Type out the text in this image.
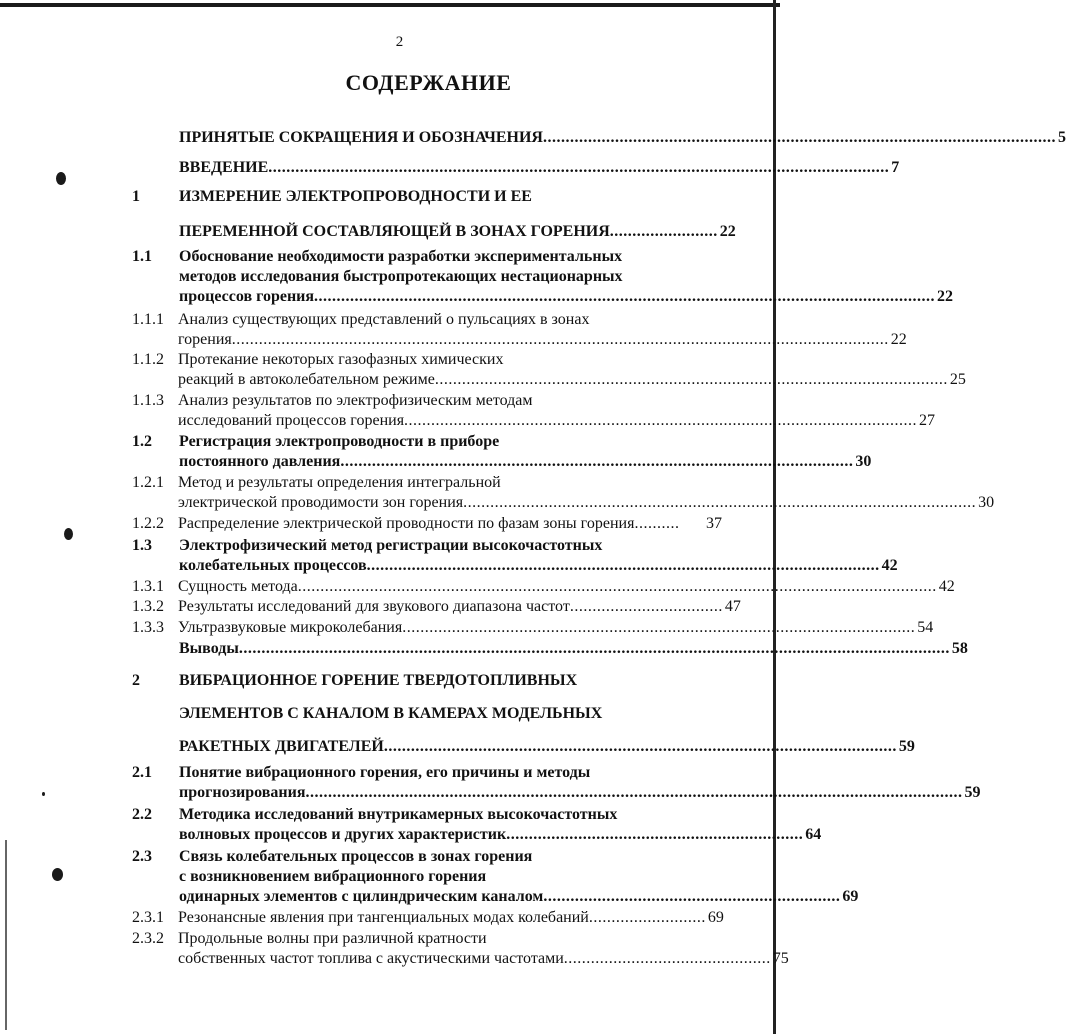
2
СОДЕРЖАНИЕ
ПРИНЯТЫЕ СОКРАЩЕНИЯ И ОБОЗНАЧЕНИЯ .................................................................................................................. 5
ВВЕДЕНИЕ .......................................................................................................................................... 7
1 ИЗМЕРЕНИЕ ЭЛЕКТРОПРОВОДНОСТИ И ЕЕ
ПЕРЕМЕННОЙ СОСТАВЛЯЮЩЕЙ В ЗОНАХ ГОРЕНИЯ ........................ 22
1.1 Обоснование необходимости разработки экспериментальных
методов исследования быстропротекающих нестационарных
процессов горения .......................................................................................................................................... 22
1.1.1 Анализ существующих представлений о пульсациях в зонах
горения .................................................................................................................................................. 22
1.1.2 Протекание некоторых газофазных химических
реакций в автоколебательном режиме .................................................................................................................. 25
1.1.3 Анализ результатов по электрофизическим методам
исследований процессов горения .................................................................................................................. 27
1.2 Регистрация электропроводности в приборе
постоянного давления .................................................................................................................. 30
1.2.1 Метод и результаты определения интегральной
электрической проводимости зон горения .................................................................................................................. 30
1.2.2 Распределение электрической проводности по фазам зоны горения ..........	37
1.3 Электрофизический метод регистрации высокочастотных
колебательных процессов .................................................................................................................. 42
1.3.1 Сущность метода .............................................................................................................................................. 42
1.3.2 Результаты исследований для звукового диапазона частот .................................. 47
1.3.3 Ультразвуковые микроколебания .................................................................................................................. 54
Выводы .............................................................................................................................................................. 58
2 ВИБРАЦИОННОЕ ГОРЕНИЕ ТВЕРДОТОПЛИВНЫХ
ЭЛЕМЕНТОВ С КАНАЛОМ В КАМЕРАХ МОДЕЛЬНЫХ
РАКЕТНЫХ ДВИГАТЕЛЕЙ .................................................................................................................. 59
2.1 Понятие вибрационного горения, его причины и методы
прогнозирования .................................................................................................................................................. 59
2.2 Методика исследований внутрикамерных высокочастотных
волновых процессов и других характеристик .................................................................. 64
2.3 Связь колебательных процессов в зонах горения
с возникновением вибрационного горения
одинарных элементов с цилиндрическим каналом .................................................................. 69
2.3.1 Резонансные явления при тангенциальных модах колебаний .......................... 69
2.3.2 Продольные волны при различной кратности
собственных частот топлива с акустическими частотами .............................................. 75
